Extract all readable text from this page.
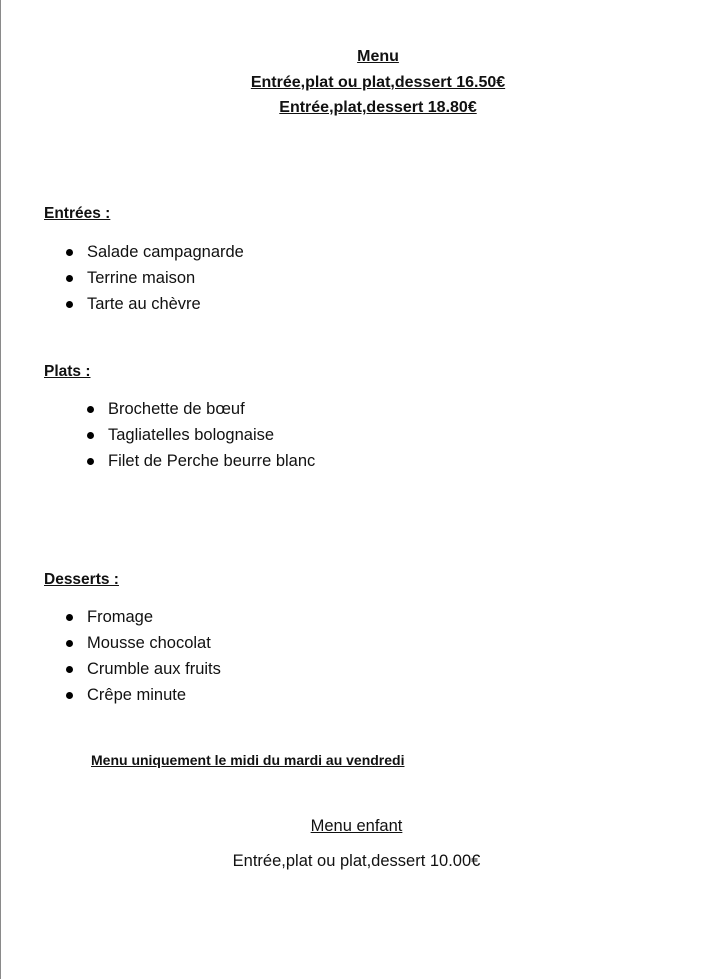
Menu
Entrée,plat ou plat,dessert 16.50€
Entrée,plat,dessert 18.80€
Entrées :
Salade campagnarde
Terrine maison
Tarte au chèvre
Plats :
Brochette de bœuf
Tagliatelles bolognaise
Filet de Perche beurre blanc
Desserts :
Fromage
Mousse chocolat
Crumble aux fruits
Crêpe minute
Menu uniquement le midi du mardi au vendredi
Menu enfant
Entrée,plat ou plat,dessert 10.00€
